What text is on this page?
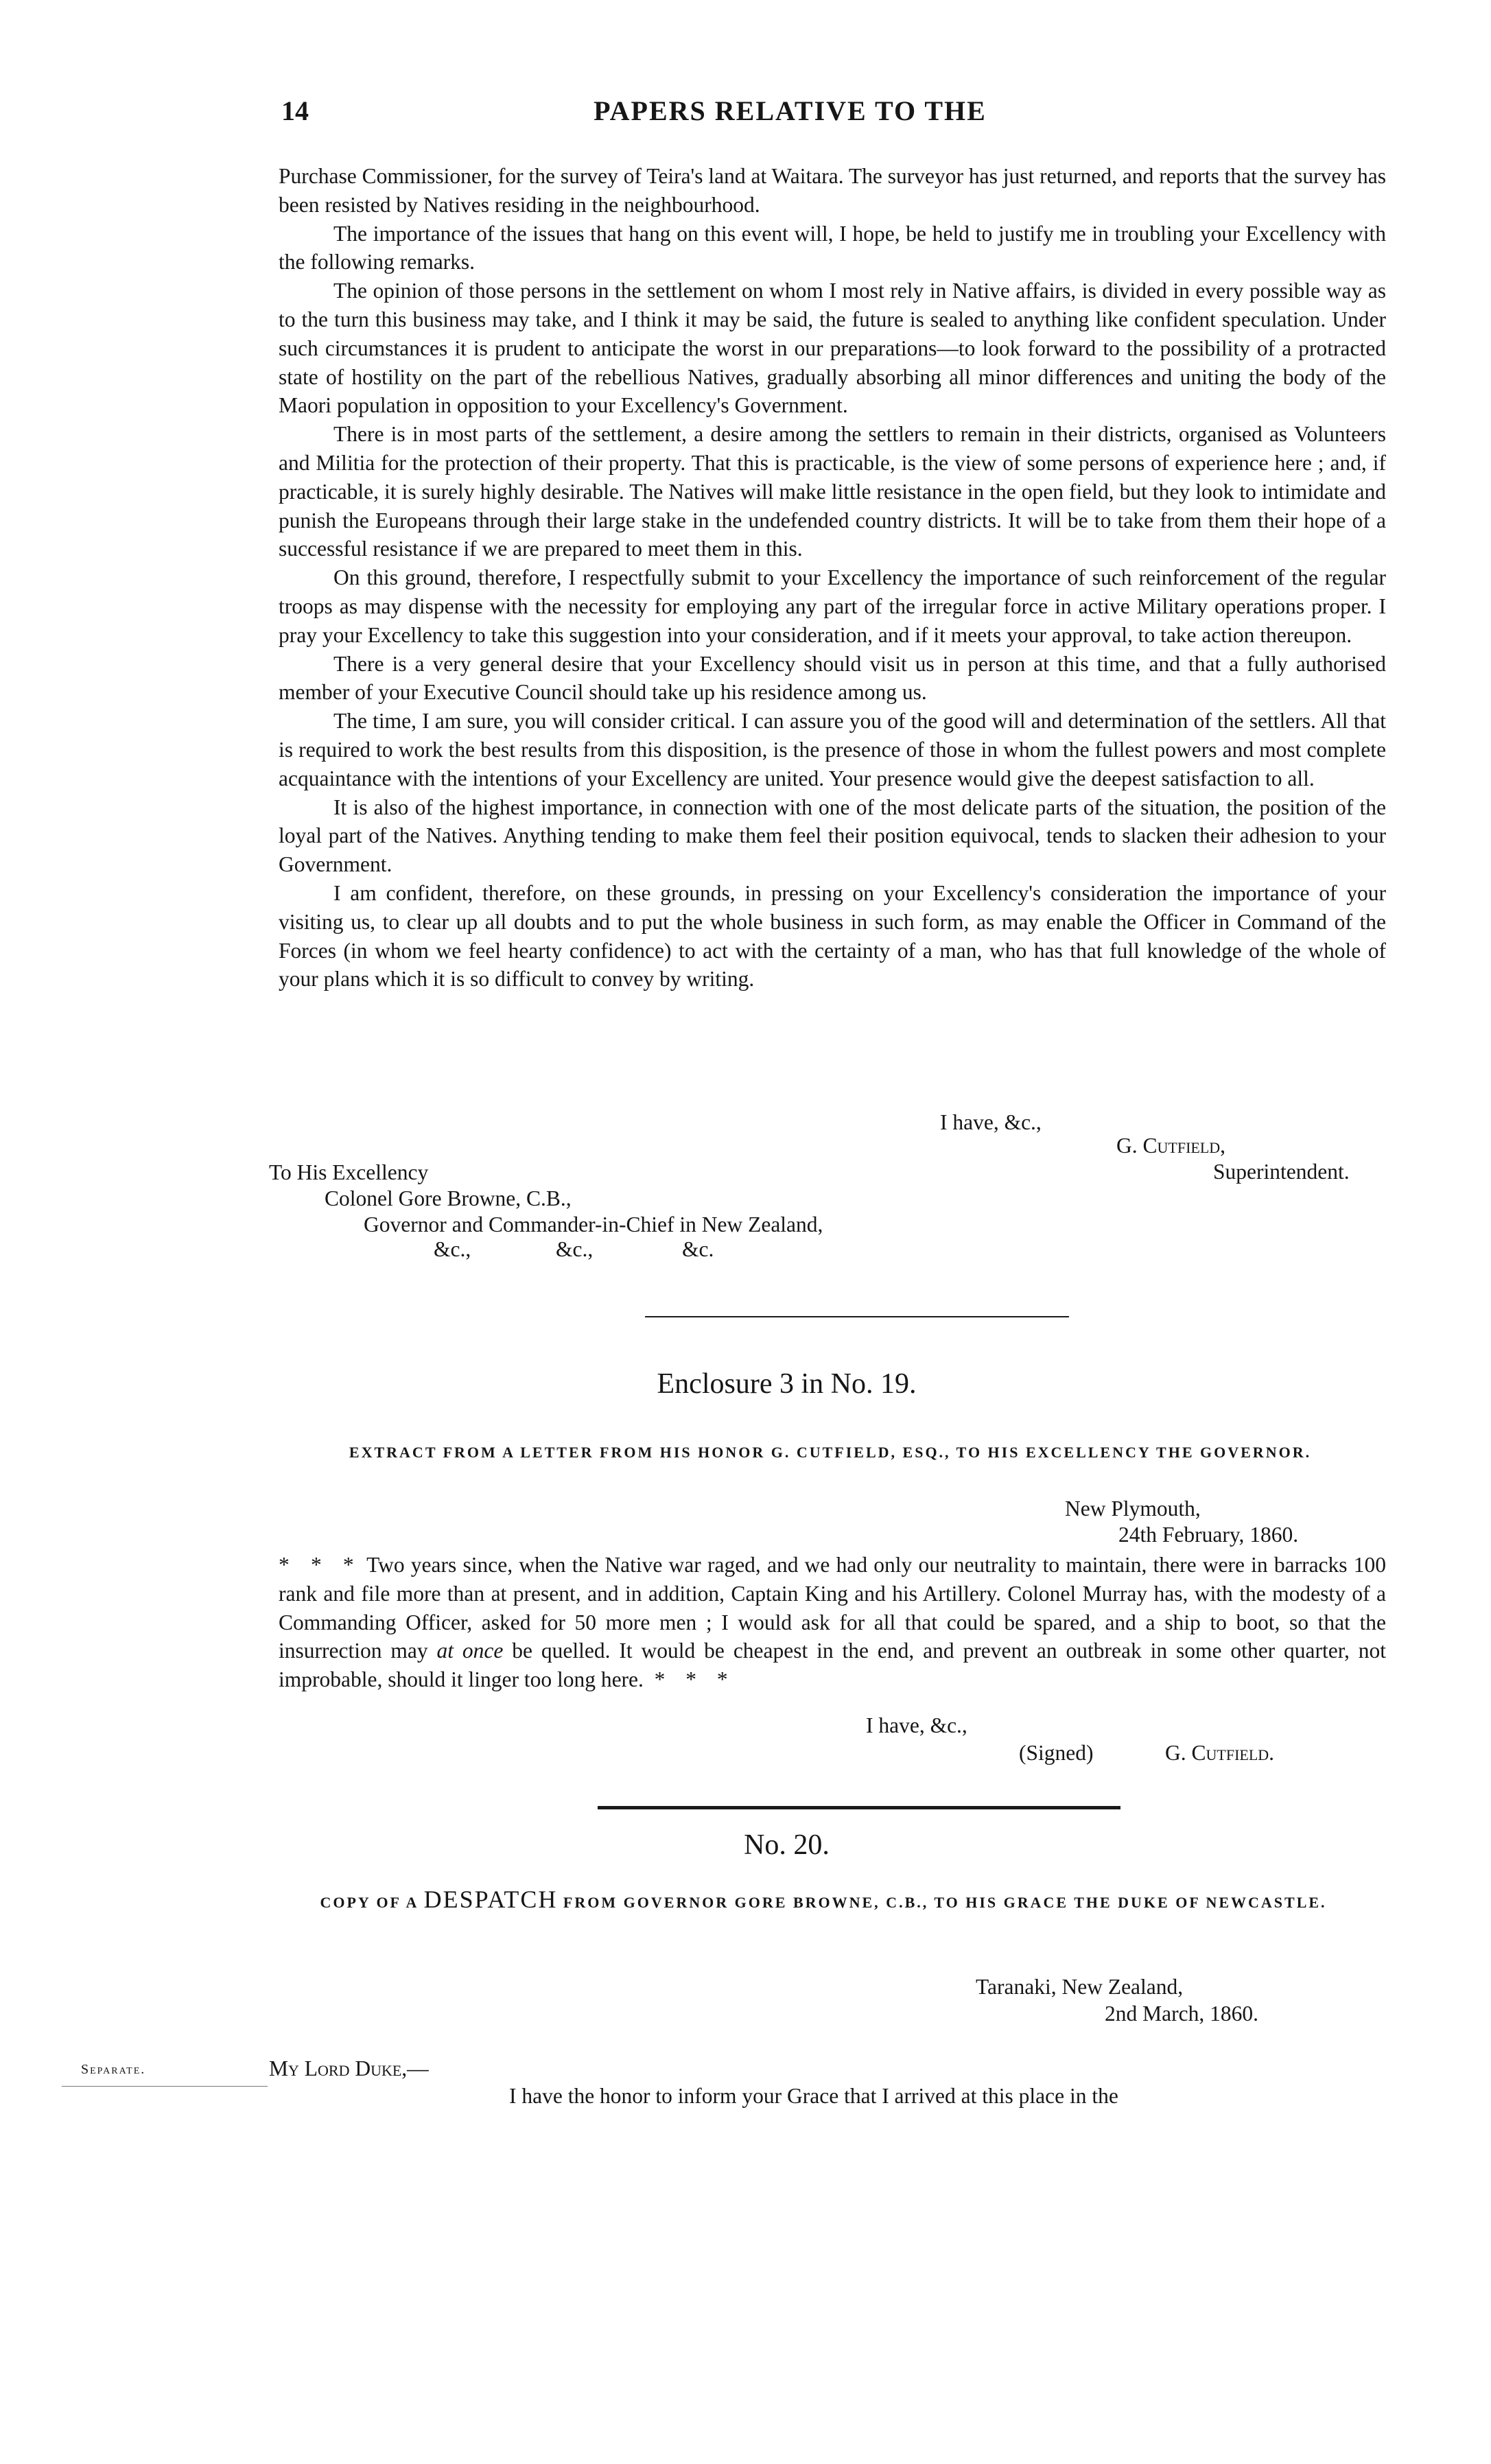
14	PAPERS RELATIVE TO THE

Purchase Commissioner, for the survey of Teira's land at Waitara. The surveyor has just returned, and reports that the survey has been resisted by Natives residing in the neighbourhood.

The importance of the issues that hang on this event will, I hope, be held to justify me in troubling your Excellency with the following remarks.

The opinion of those persons in the settlement on whom I most rely in Native affairs, is divided in every possible way as to the turn this business may take, and I think it may be said, the future is sealed to anything like confident speculation. Under such circumstances it is prudent to anticipate the worst in our preparations—to look forward to the possibility of a protracted state of hostility on the part of the rebellious Natives, gradually absorbing all minor differences and uniting the body of the Maori population in opposition to your Excellency's Government.

There is in most parts of the settlement, a desire among the settlers to remain in their districts, organised as Volunteers and Militia for the protection of their property. That this is practicable, is the view of some persons of experience here ; and, if practicable, it is surely highly desirable. The Natives will make little resistance in the open field, but they look to intimidate and punish the Europeans through their large stake in the undefended country districts. It will be to take from them their hope of a successful resistance if we are prepared to meet them in this.

On this ground, therefore, I respectfully submit to your Excellency the importance of such reinforcement of the regular troops as may dispense with the necessity for employing any part of the irregular force in active Military operations proper. I pray your Excellency to take this suggestion into your consideration, and if it meets your approval, to take action thereupon.

There is a very general desire that your Excellency should visit us in person at this time, and that a fully authorised member of your Executive Council should take up his residence among us.

The time, I am sure, you will consider critical. I can assure you of the good will and determination of the settlers. All that is required to work the best results from this disposition, is the presence of those in whom the fullest powers and most complete acquaintance with the intentions of your Excellency are united. Your presence would give the deepest satisfaction to all.

It is also of the highest importance, in connection with one of the most delicate parts of the situation, the position of the loyal part of the Natives. Anything tending to make them feel their position equivocal, tends to slacken their adhesion to your Government.

I am confident, therefore, on these grounds, in pressing on your Excellency's consideration the importance of your visiting us, to clear up all doubts and to put the whole business in such form, as may enable the Officer in Command of the Forces (in whom we feel hearty confidence) to act with the certainty of a man, who has that full knowledge of the whole of your plans which it is so difficult to convey by writing.

I have, &c.,
G. Cutfield,
Superintendent.
To His Excellency
Colonel Gore Browne, C.B.,
Governor and Commander-in-Chief in New Zealand,
&c.,	&c.,	&c.
Enclosure 3 in No. 19.
EXTRACT FROM A LETTER FROM HIS HONOR G. CUTFIELD, ESQ., TO HIS EXCELLENCY THE GOVERNOR.
New Plymouth,
24th February, 1860.

* * * Two years since, when the Native war raged, and we had only our neutrality to maintain, there were in barracks 100 rank and file more than at present, and in addition, Captain King and his Artillery. Colonel Murray has, with the modesty of a Commanding Officer, asked for 50 more men ; I would ask for all that could be spared, and a ship to boot, so that the insurrection may at once be quelled. It would be cheapest in the end, and prevent an outbreak in some other quarter, not improbable, should it linger too long here. * * *

I have, &c.,
(Signed)	G. Cutfield.
No. 20.
COPY OF A DESPATCH FROM GOVERNOR GORE BROWNE, C.B., TO HIS GRACE THE DUKE OF NEWCASTLE.
Taranaki, New Zealand,
2nd March, 1860.
Separate.	My Lord Duke,—
I have the honor to inform your Grace that I arrived at this place in the
